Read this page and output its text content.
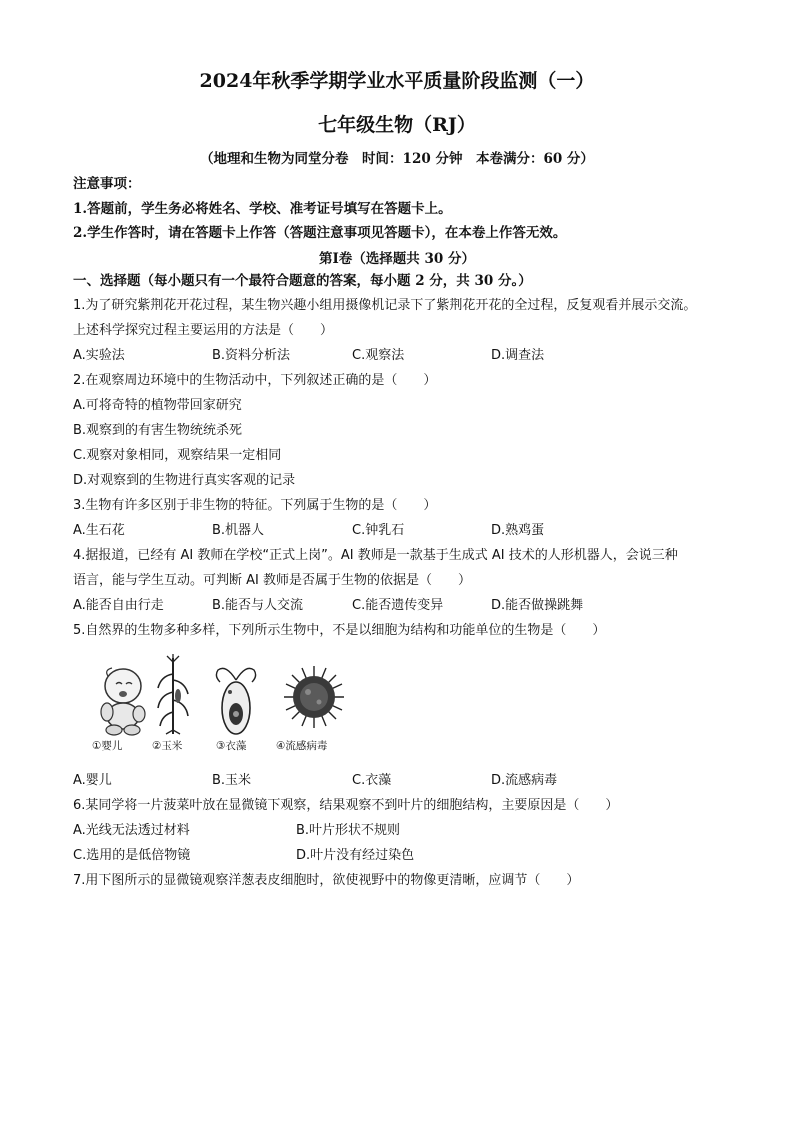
2024年秋季学期学业水平质量阶段监测（一）
七年级生物（RJ）
（地理和生物为同堂分卷　时间：120 分钟　本卷满分：60 分）
注意事项：
1.答题前，学生务必将姓名、学校、准考证号填写在答题卡上。
2.学生作答时，请在答题卡上作答（答题注意事项见答题卡），在本卷上作答无效。
第Ⅰ卷（选择题共 30 分）
一、选择题（每小题只有一个最符合题意的答案，每小题 2 分，共 30 分。）
1.为了研究紫荆花开花过程，某生物兴趣小组用摄像机记录下了紫荆花开花的全过程，反复观看并展示交流。
上述科学探究过程主要运用的方法是（　　）
A.实验法	B.资料分析法	C.观察法	D.调查法
2.在观察周边环境中的生物活动中，下列叙述正确的是（　　）
A.可将奇特的植物带回家研究
B.观察到的有害生物统统杀死
C.观察对象相同，观察结果一定相同
D.对观察到的生物进行真实客观的记录
3.生物有许多区别于非生物的特征。下列属于生物的是（　　）
A.生石花	B.机器人	C.钟乳石	D.熟鸡蛋
4.据报道，已经有 AI 教师在学校“正式上岗”。AI 教师是一款基于生成式 AI 技术的人形机器人，会说三种
语言，能与学生互动。可判断 AI 教师是否属于生物的依据是（　　）
A.能否自由行走	B.能否与人交流	C.能否遗传变异	D.能否做操跳舞
5.自然界的生物多种多样，下列所示生物中，不是以细胞为结构和功能单位的生物是（　　）
①婴儿	②玉米	③衣藻	④流感病毒
A.婴儿	B.玉米	C.衣藻	D.流感病毒
6.某同学将一片菠菜叶放在显微镜下观察，结果观察不到叶片的细胞结构，主要原因是（　　）
A.光线无法透过材料	B.叶片形状不规则
C.选用的是低倍物镜	D.叶片没有经过染色
7.用下图所示的显微镜观察洋葱表皮细胞时，欲使视野中的物像更清晰，应调节（　　）
